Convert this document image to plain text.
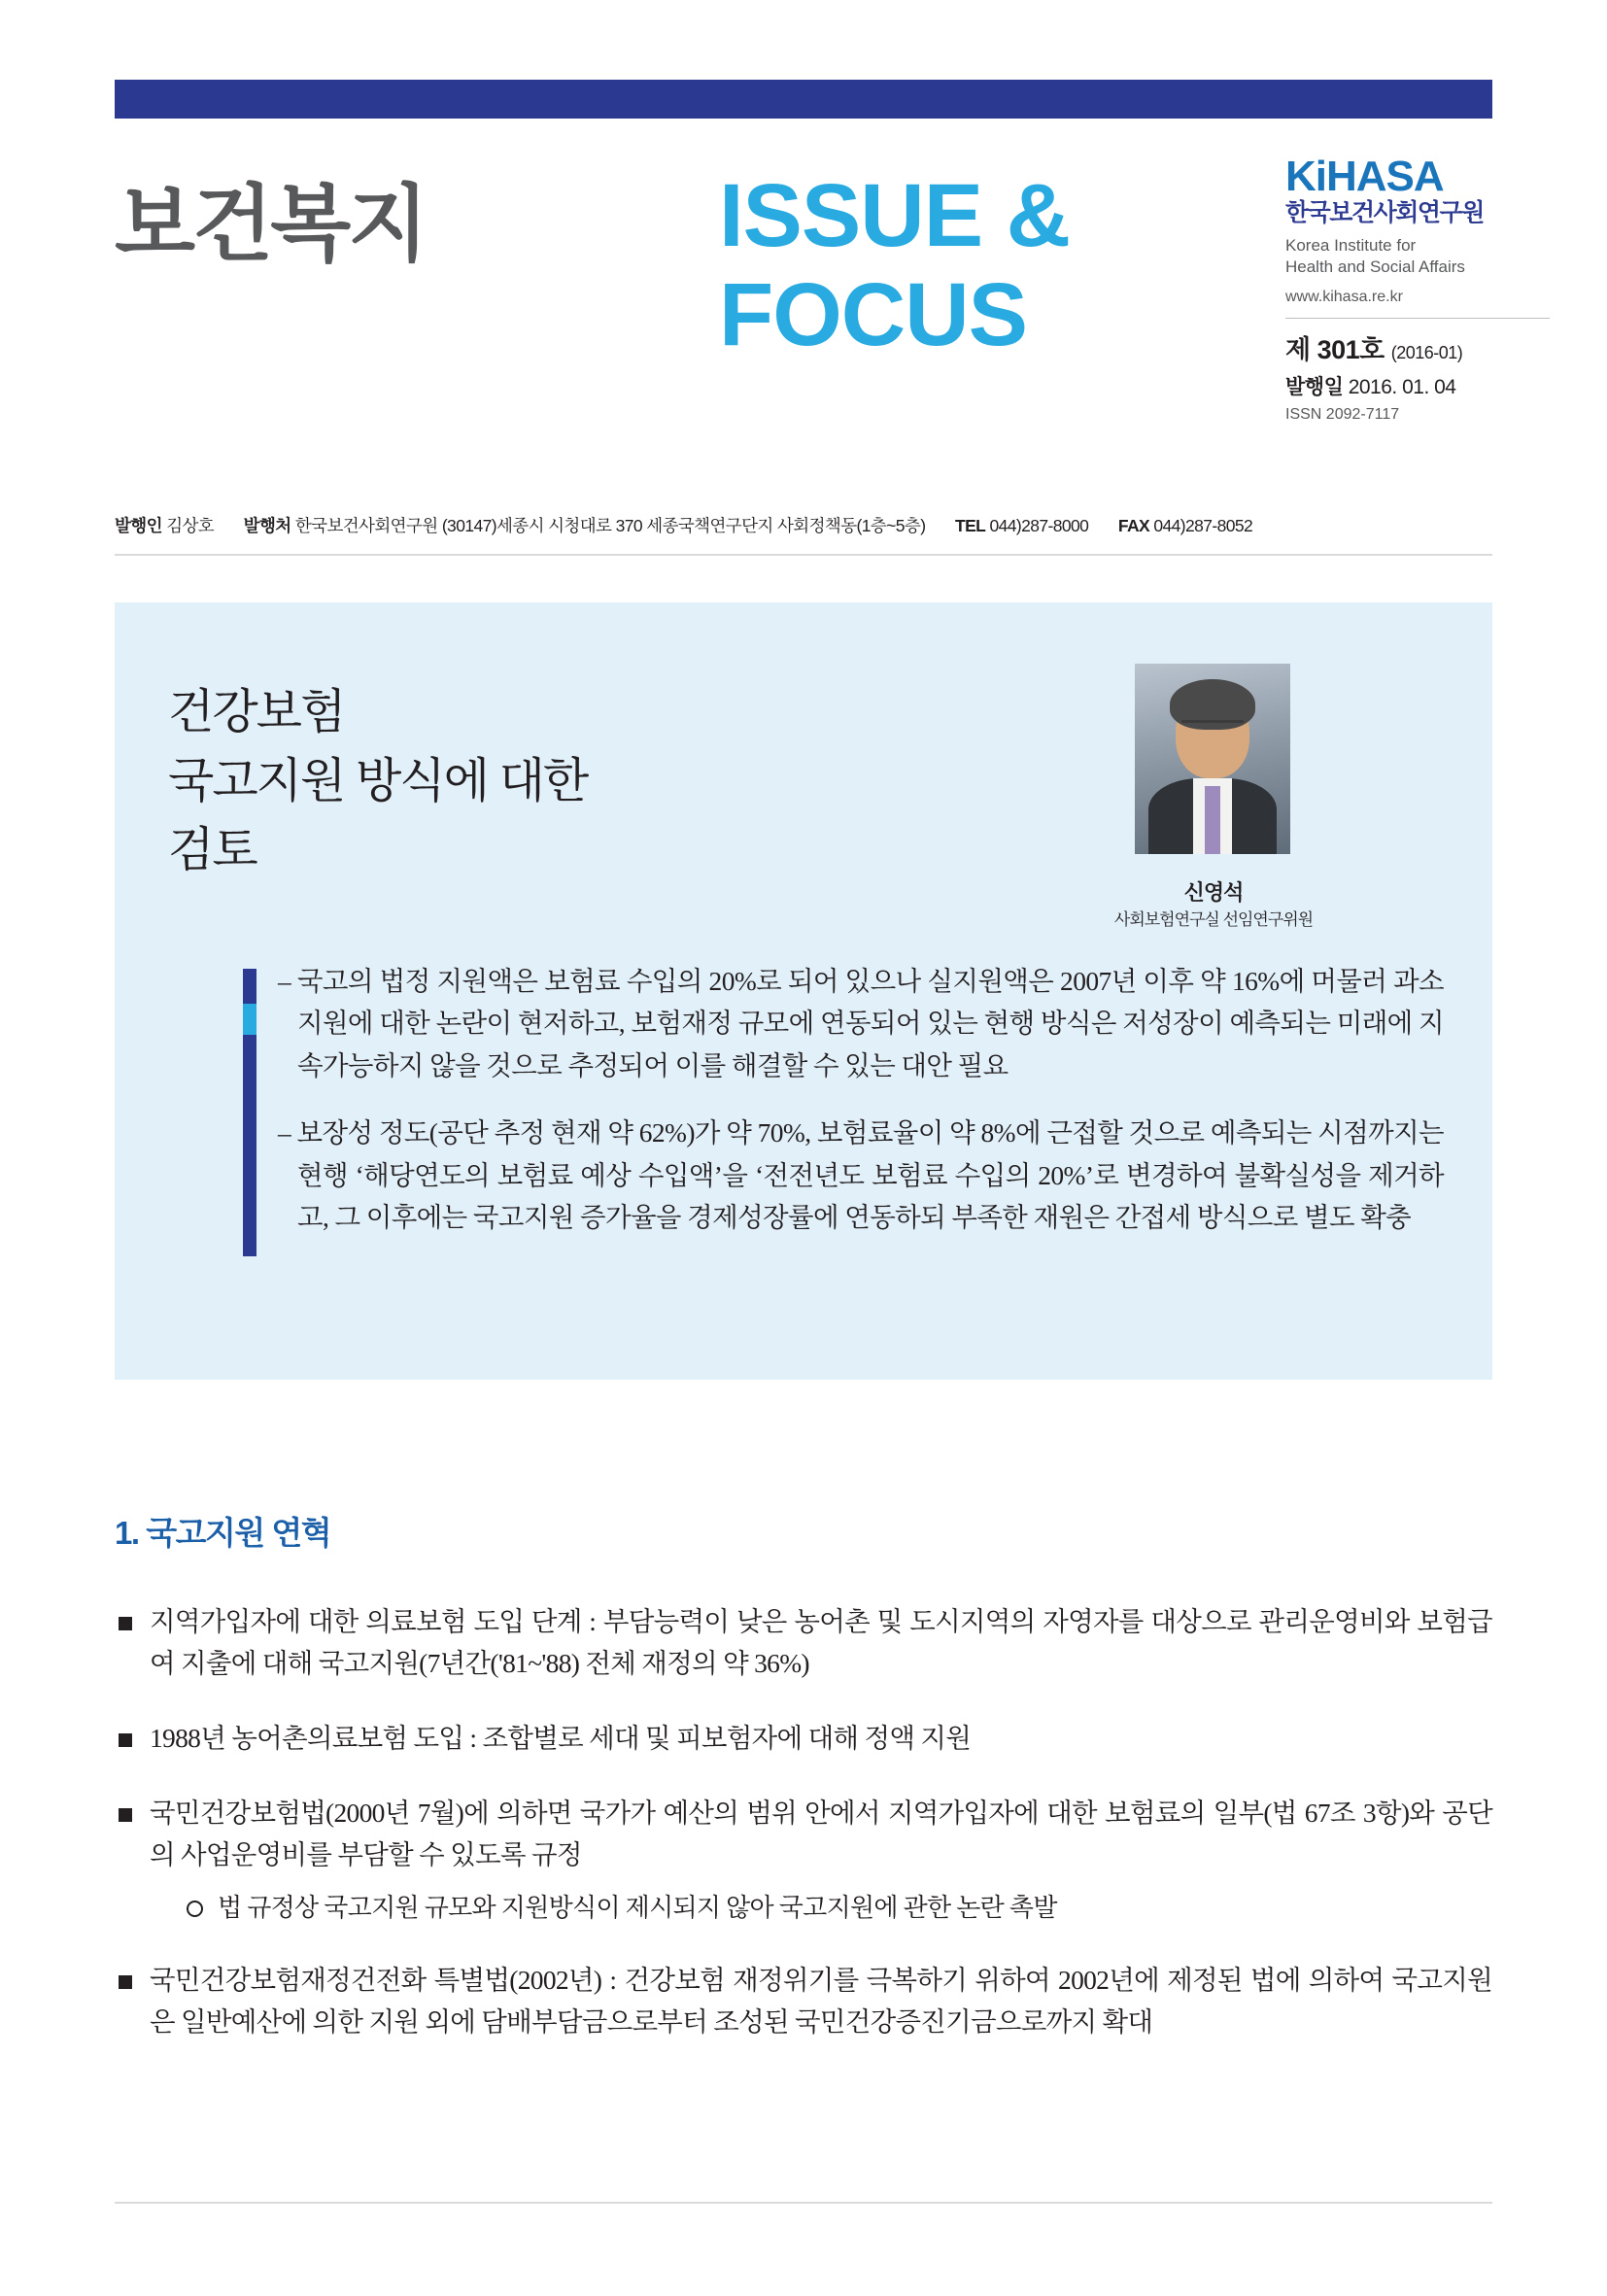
보건복지	ISSUE &
FOCUS
KiHASA
한국보건사회연구원
Korea Institute for
Health and Social Affairs
www.kihasa.re.kr
제 301호 (2016-01)
발행일 2016. 01. 04
ISSN 2092-7117
발행인 김상호 발행처 한국보건사회연구원 (30147)세종시 시청대로 370 세종국책연구단지 사회정책동(1층~5층) TEL 044)287-8000 FAX 044)287-8052
건강보험
국고지원 방식에 대한
검토
신영석
사회보험연구실 선임연구위원
– 국고의 법정 지원액은 보험료 수입의 20%로 되어 있으나 실지원액은 2007년 이후 약 16%에 머물러 과소지원에 대한 논란이 현저하고, 보험재정 규모에 연동되어 있는 현행 방식은 저성장이 예측되는 미래에 지속가능하지 않을 것으로 추정되어 이를 해결할 수 있는 대안 필요
– 보장성 정도(공단 추정 현재 약 62%)가 약 70%, 보험료율이 약 8%에 근접할 것으로 예측되는 시점까지는 현행 ‘해당연도의 보험료 예상 수입액’을 ‘전전년도 보험료 수입의 20%’로 변경하여 불확실성을 제거하고, 그 이후에는 국고지원 증가율을 경제성장률에 연동하되 부족한 재원은 간접세 방식으로 별도 확충
1. 국고지원 연혁
지역가입자에 대한 의료보험 도입 단계 : 부담능력이 낮은 농어촌 및 도시지역의 자영자를 대상으로 관리운영비와 보험급여 지출에 대해 국고지원(7년간('81~'88) 전체 재정의 약 36%)
1988년 농어촌의료보험 도입 : 조합별로 세대 및 피보험자에 대해 정액 지원
국민건강보험법(2000년 7월)에 의하면 국가가 예산의 범위 안에서 지역가입자에 대한 보험료의 일부(법 67조 3항)와 공단의 사업운영비를 부담할 수 있도록 규정
법 규정상 국고지원 규모와 지원방식이 제시되지 않아 국고지원에 관한 논란 촉발
국민건강보험재정건전화 특별법(2002년) : 건강보험 재정위기를 극복하기 위하여 2002년에 제정된 법에 의하여 국고지원은 일반예산에 의한 지원 외에 담배부담금으로부터 조성된 국민건강증진기금으로까지 확대
